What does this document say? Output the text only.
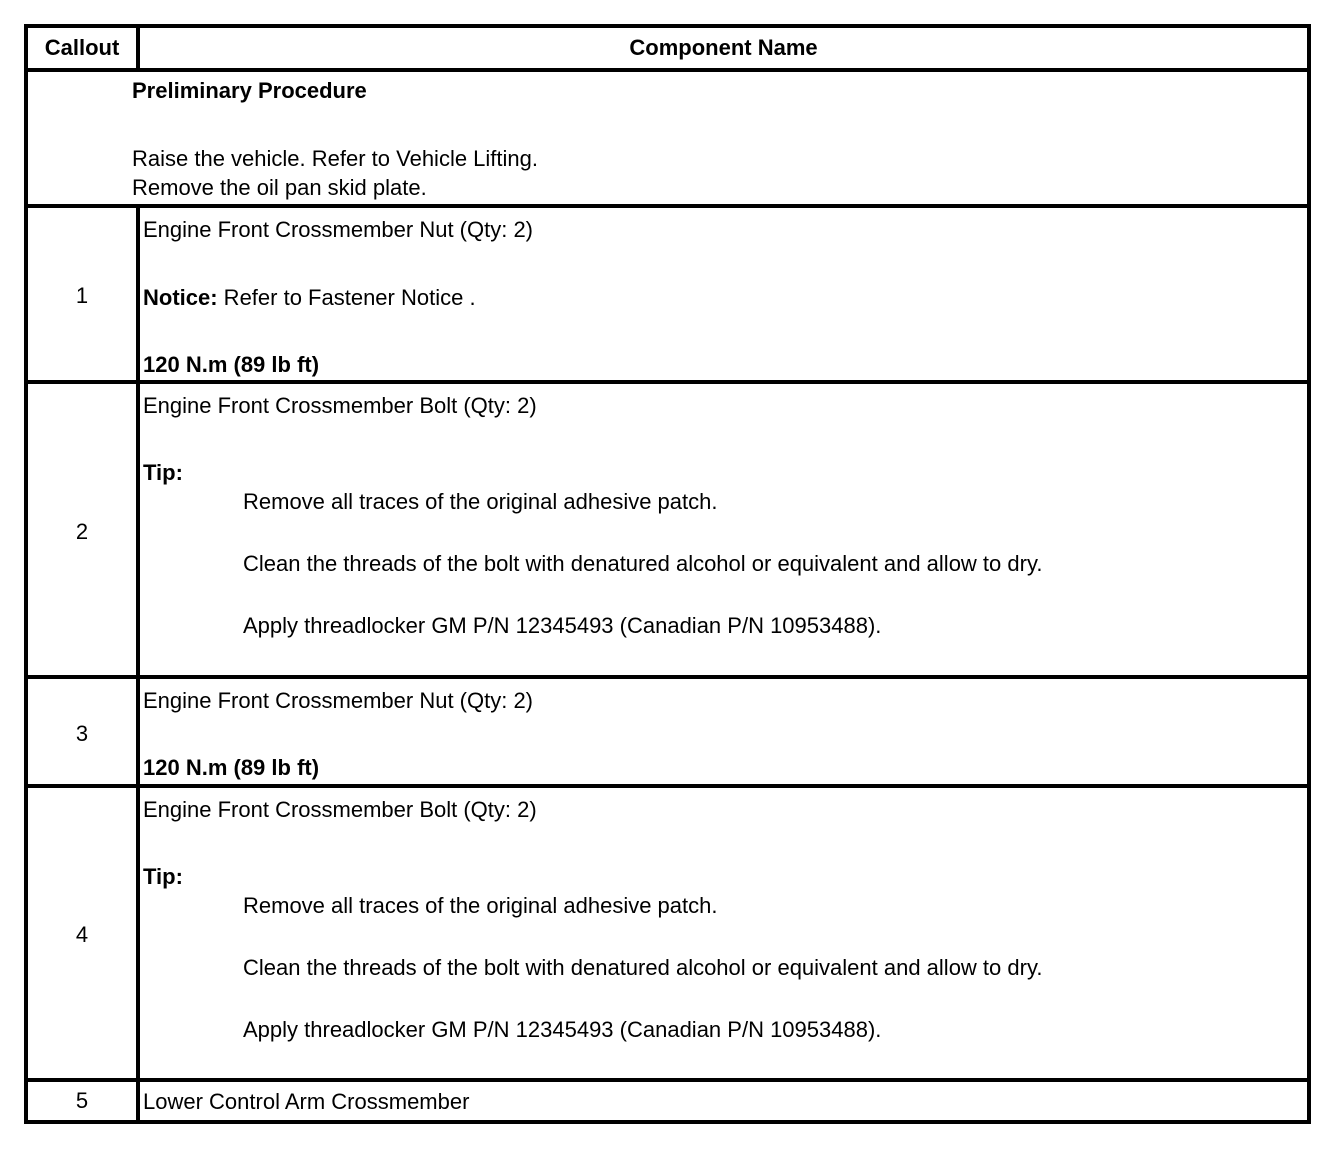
Callout	Component Name
Preliminary Procedure
Raise the vehicle. Refer to Vehicle Lifting.
Remove the oil pan skid plate.
1
Engine Front Crossmember Nut (Qty: 2)
Notice: Refer to Fastener Notice .
120 N.m (89 lb ft)
2
Engine Front Crossmember Bolt (Qty: 2)
Tip:
Remove all traces of the original adhesive patch.
Clean the threads of the bolt with denatured alcohol or equivalent and allow to dry.
Apply threadlocker GM P/N 12345493 (Canadian P/N 10953488).
3
Engine Front Crossmember Nut (Qty: 2)
120 N.m (89 lb ft)
4
Engine Front Crossmember Bolt (Qty: 2)
Tip:
Remove all traces of the original adhesive patch.
Clean the threads of the bolt with denatured alcohol or equivalent and allow to dry.
Apply threadlocker GM P/N 12345493 (Canadian P/N 10953488).
5	Lower Control Arm Crossmember
